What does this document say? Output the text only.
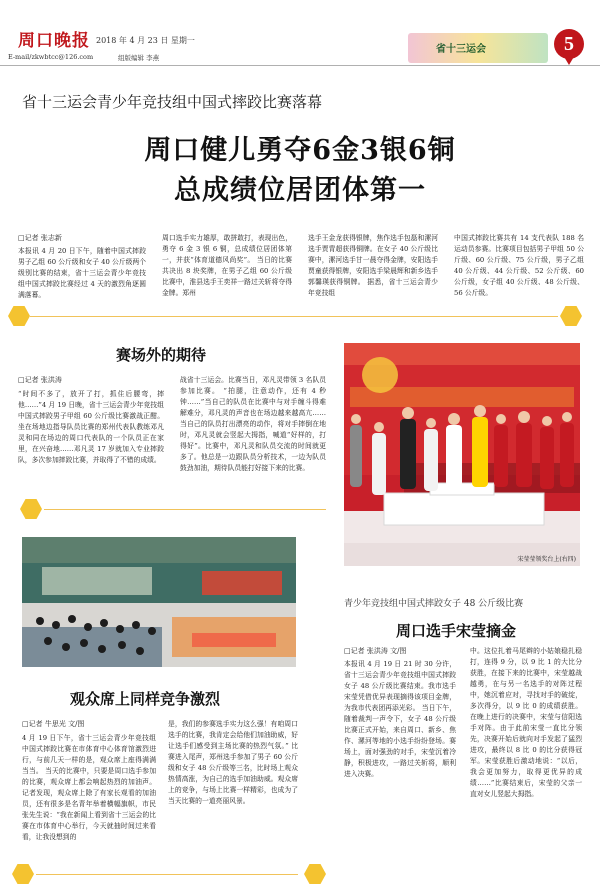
周口晚报 2018 年 4 月 23 日 星期一
E-mail/zkwbtcc@126.com	组版编辑 李燕
省十三运会	5
省十三运会青少年竞技组中国式摔跤比赛落幕
周口健儿勇夺6金3银6铜
总成绩位居团体第一
□记者 张志新
本报讯 4 月 20 日下午，随着中国式摔跤男子乙组 60 公斤级和女子 40 公斤级两个级别比赛的结束，省十三运会青少年竞技组中国式摔跤比赛经过 4 天的激烈角逐圆满落幕。
周口选手实力雄厚，敢拼敢打，表现出色，勇夺 6 金 3 银 6 铜，总成绩位居团体第一，并获“体育道德风尚奖”。 当日的比赛共决出 8 块奖牌，在男子乙组 60 公斤级比赛中，淮县选手王奕祥一路过关斩将夺得金牌。郑州
选手王金龙获得银牌，焦作选手包磊和漯河选手贾胄超获得铜牌。在女子 40 公斤级比赛中，漯河选手甘一晨夺得金牌，安阳选手贾童获得银牌，安阳选手梁晨辉和新乡选手郭馨瑛获得铜牌。 据悉，省十三运会青少年竞技组
中国式摔跤比赛共有 14 支代表队 188 名运动员参赛。比赛项目包括男子甲组 50 公斤级、60 公斤级、75 公斤级，男子乙组 40 公斤级、44 公斤级、52 公斤级、60 公斤级，女子组 40 公斤级、48 公斤级、56 公斤级。
赛场外的期待
□记者 张洪涛
“时间不多了，放开了打，抓住后腰弯，摔他……”4 月 19 日晚，省十三运会青少年竞技组中国式摔跤男子甲组 60 公斤级比赛激战正酣。坐在场地边指导队员比赛的郑州代表队教练邓凡灵和同在场边的周口代表队的一个队员正在家里，在兴奋地……邓凡灵 17 岁就加入专业摔跤队，多次参加摔跤比赛，并取得了不错的成绩。
战省十三运会。比赛当日，邓凡灵带领 3 名队员参加比赛。 “拍腿，注意动作，还有 4 秒钟……”当自己的队员在比赛中与对手缠斗得难解难分，邓凡灵的声音也在场边越来越高亢……当自己的队员打出漂亮的动作，将对手摔倒在地时，邓凡灵就会竖起大拇指，喊道“好样的，打得好”。比赛中，邓凡灵和队员交流的时间就更多了。他总是一边跟队员分析技术，一边为队员鼓劲加油，期待队员能打好接下来的比赛。
宋莹莹领奖台上(右四)
青少年竞技组中国式摔跤女子 48 公斤级比赛
周口选手宋莹摘金
□记者 张洪涛 文/图
本报讯 4 月 19 日 21 时 30 分许，省十三运会青少年竞技组中国式摔跤女子 48 公斤级比赛结束。我市选手宋莹凭借优异表现摘得该项目金牌，为我市代表团再添光彩。 当日下午，随着裁判一声令下，女子 48 公斤级比赛正式开始，来自周口、新乡、焦作、漯河等地的小选手纷纷登场。赛场上，面对强劲的对手，宋莹沉着冷静，积极进攻，一路过关斩将，顺利进入决赛。
中。这位扎着马尾辫的小姑娘稳扎稳打，连得 9 分，以 9 比 1 的大比分获胜，在接下来的比赛中，宋莹越战越勇，在与另一名选手的对阵过程中，她沉着应对，寻找对手的破绽，多次得分，以 9 比 0 的成绩获胜。 在晚上进行的决赛中，宋莹与信阳选手对阵。由于此前宋莹一直比分领先，决赛开始后就向对手发起了猛烈进攻，最终以 8 比 0 的比分获得冠军。宋莹获胜后激动地说：“以后，我会更加努力，取得更优异的成绩……”比赛结束后，宋莹的父亲一直对女儿竖起大拇指。
观众席上同样竞争激烈
□记者 牛思光 文/图
4 月 19 日下午，省十三运会青少年竞技组中国式摔跤比赛在市体育中心体育馆激烈进行，与前几天一样的是，观众席上座得满满当当。 当天的比赛中，只要是周口选手参加的比赛，观众席上都会响起热烈的加油声。 记者发现，观众席上除了有家长观看的加油员，还有很多是名青年举着横幅旗帜，市民张先生说：“我在新闻上看到省十三运会的比赛在市体育中心举行，今天就抽时间过来看看，让我没想到的
是，我们的参赛选手实力这么强！有咱周口选手的比赛，我肯定会给他们加油助威，好让选手们感受到主场比赛的热烈气氛。” 比赛进入尾声，郑州选手参加了男子 60 公斤级和女子 48 公斤级等三名，比时场上观众热情高涨，为自己的选手加油助威。观众席上的竞争，与场上比赛一样精彩，也成为了当天比赛的一道亮丽风景。
